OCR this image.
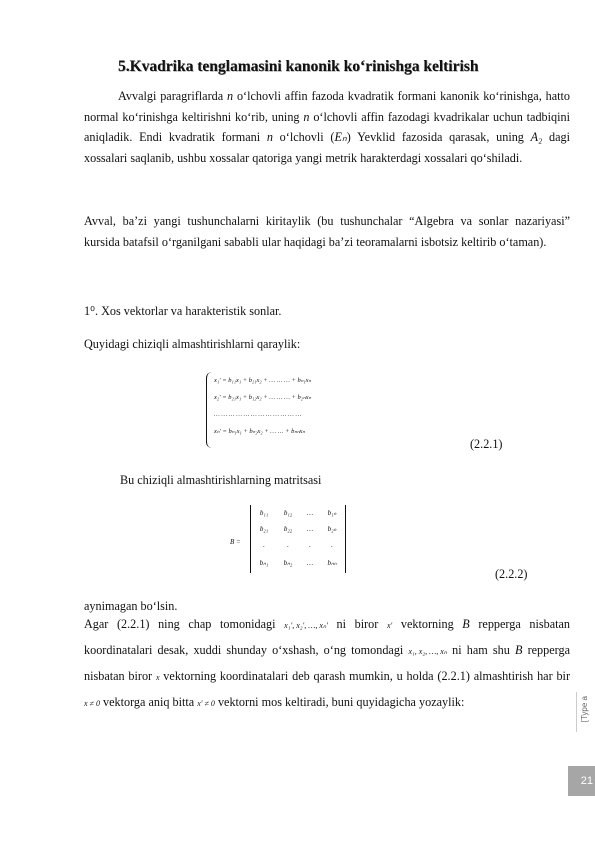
5.Kvadrika tenglamasini kanonik ko‘rinishga keltirish
Avvalgi paragriflarda n o‘lchovli affin fazoda kvadratik formani kanonik ko‘rinishga, hatto normal ko‘rinishga keltirishni ko‘rib, uning n o‘lchovli affin fazodagi kvadrikalar uchun tadbiqini aniqladik. Endi kvadratik formani n o‘lchovli (Eₙ) Yevklid fazosida qarasak, uning A₂ dagi xossalari saqlanib, ushbu xossalar qatoriga yangi metrik harakterdagi xossalari qo‘shiladi.
Avval, ba’zi yangi tushunchalarni kiritaylik (bu tushunchalar “Algebra va sonlar nazariyasi” kursida batafsil o‘rganilgani sababli ular haqidagi ba’zi teoramalarni isbotsiz keltirib o‘taman).
1⁰. Xos vektorlar va harakteristik sonlar.
Quyidagi chiziqli almashtirishlarni qaraylik:
x₁′ = b₁₁x₁ + b₂₁x₂ + … … … + bₙ₁xₙ
x₂′ = b₂₁x₁ + b₁₂x₂ + … … … + b₂ₙxₙ
… … … … … … … … … … … …
xₙ′ = bₙ₁x₁ + bₙ₂x₂ + … … + bₙₙxₙ
(2.2.1)
Bu chiziqli almashtirishlarning matritsasi
B =
b₁₁	b₁₂	…	b₁ₙ
b₂₁	b₂₂	…	b₂ₙ
.	.	.	.
bₙ₁	bₙ₂	…	bₙₙ
(2.2.2)
aynimagan bo‘lsin.
Agar (2.2.1) ning chap tomonidagi x₁′, x₂′, …, xₙ′ ni biror x′ vektorning B repperga nisbatan koordinatalari desak, xuddi shunday o‘xshash, o‘ng tomondagi x₁, x₂, …, xₙ ni ham shu B repperga nisbatan biror x vektorning koordinatalari deb qarash mumkin, u holda (2.2.1) almashtirish har bir x ≠ 0 vektorga aniq bitta x′ ≠ 0 vektorni mos keltiradi, buni quyidagicha yozaylik:	[Type a
21
